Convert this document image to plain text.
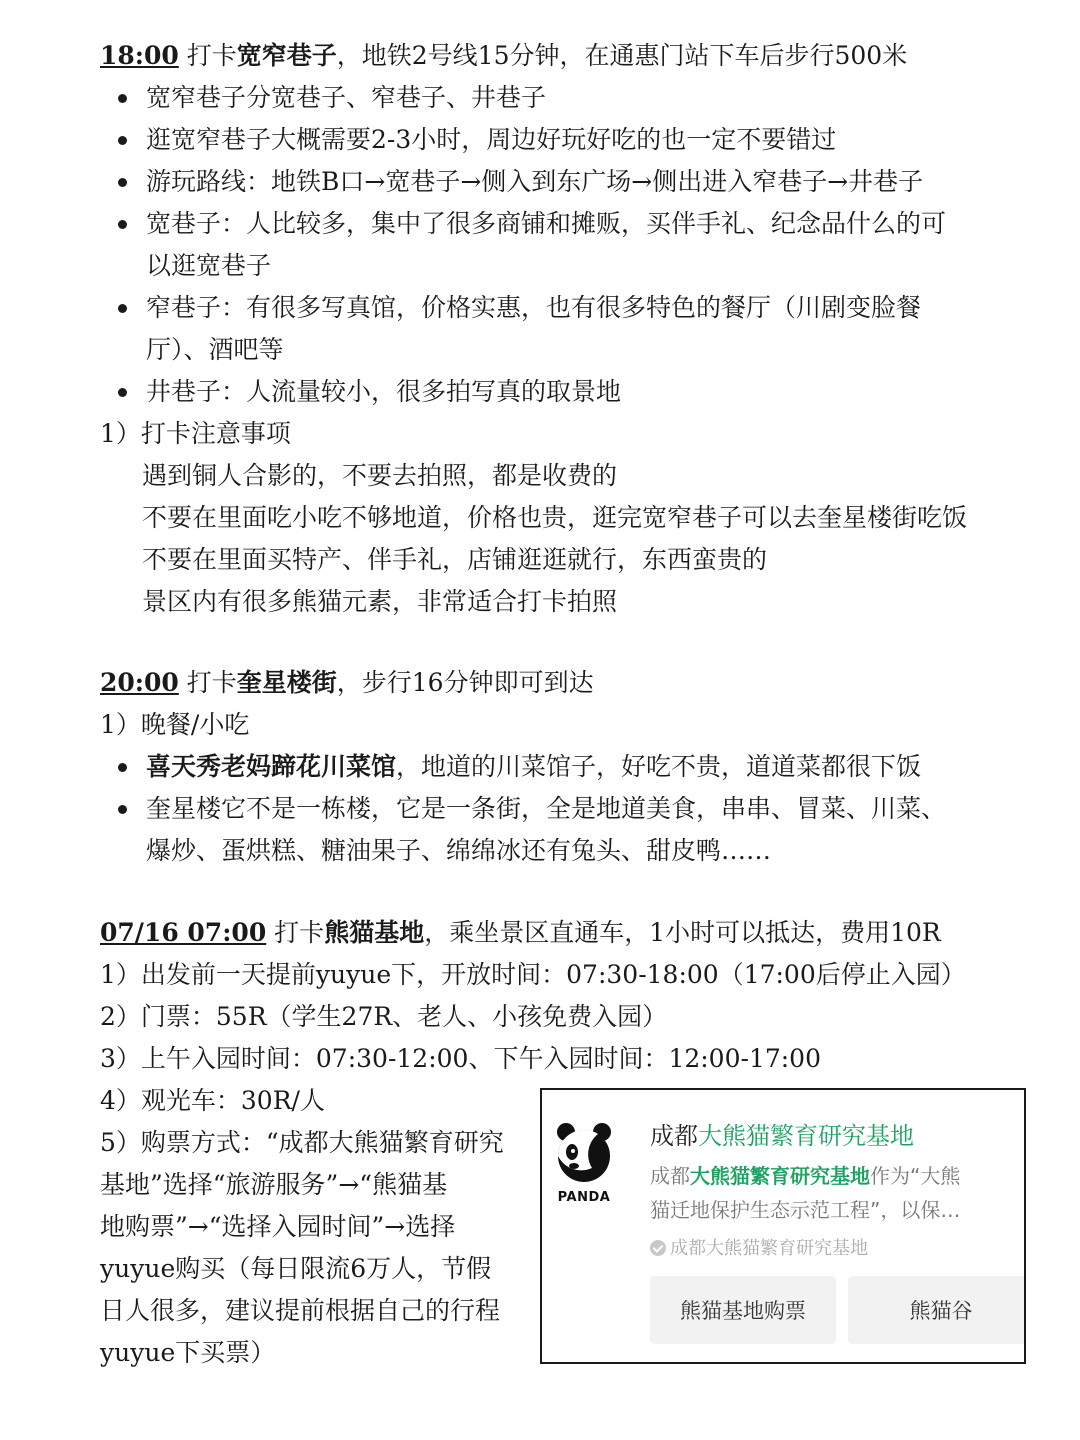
18:00 打卡宽窄巷子，地铁2号线15分钟，在通惠门站下车后步行500米
宽窄巷子分宽巷子、窄巷子、井巷子
逛宽窄巷子大概需要2-3小时，周边好玩好吃的也一定不要错过
游玩路线：地铁B口→宽巷子→侧入到东广场→侧出进入窄巷子→井巷子
宽巷子：人比较多，集中了很多商铺和摊贩，买伴手礼、纪念品什么的可
以逛宽巷子
窄巷子：有很多写真馆，价格实惠，也有很多特色的餐厅（川剧变脸餐
厅）、酒吧等
井巷子：人流量较小，很多拍写真的取景地
1）打卡注意事项
遇到铜人合影的，不要去拍照，都是收费的
不要在里面吃小吃不够地道，价格也贵，逛完宽窄巷子可以去奎星楼街吃饭
不要在里面买特产、伴手礼，店铺逛逛就行，东西蛮贵的
景区内有很多熊猫元素，非常适合打卡拍照
20:00 打卡奎星楼街，步行16分钟即可到达
1）晚餐/小吃
喜天秀老妈蹄花川菜馆，地道的川菜馆子，好吃不贵，道道菜都很下饭
奎星楼它不是一栋楼，它是一条街，全是地道美食，串串、冒菜、川菜、
爆炒、蛋烘糕、糖油果子、绵绵冰还有兔头、甜皮鸭……
07/16 07:00 打卡熊猫基地，乘坐景区直通车，1小时可以抵达，费用10R
1）出发前一天提前yuyue下，开放时间：07:30-18:00（17:00后停止入园）
2）门票：55R（学生27R、老人、小孩免费入园）
3）上午入园时间：07:30-12:00、下午入园时间：12:00-17:00
4）观光车：30R/人
5）购票方式：“成都大熊猫繁育研究
基地”选择“旅游服务”→“熊猫基
地购票”→“选择入园时间”→选择
yuyue购买（每日限流6万人，节假
日人很多，建议提前根据自己的行程
yuyue下买票）
PANDA
成都大熊猫繁育研究基地
成都大熊猫繁育研究基地作为“大熊
猫迁地保护生态示范工程”，以保…
成都大熊猫繁育研究基地
熊猫基地购票	熊猫谷
